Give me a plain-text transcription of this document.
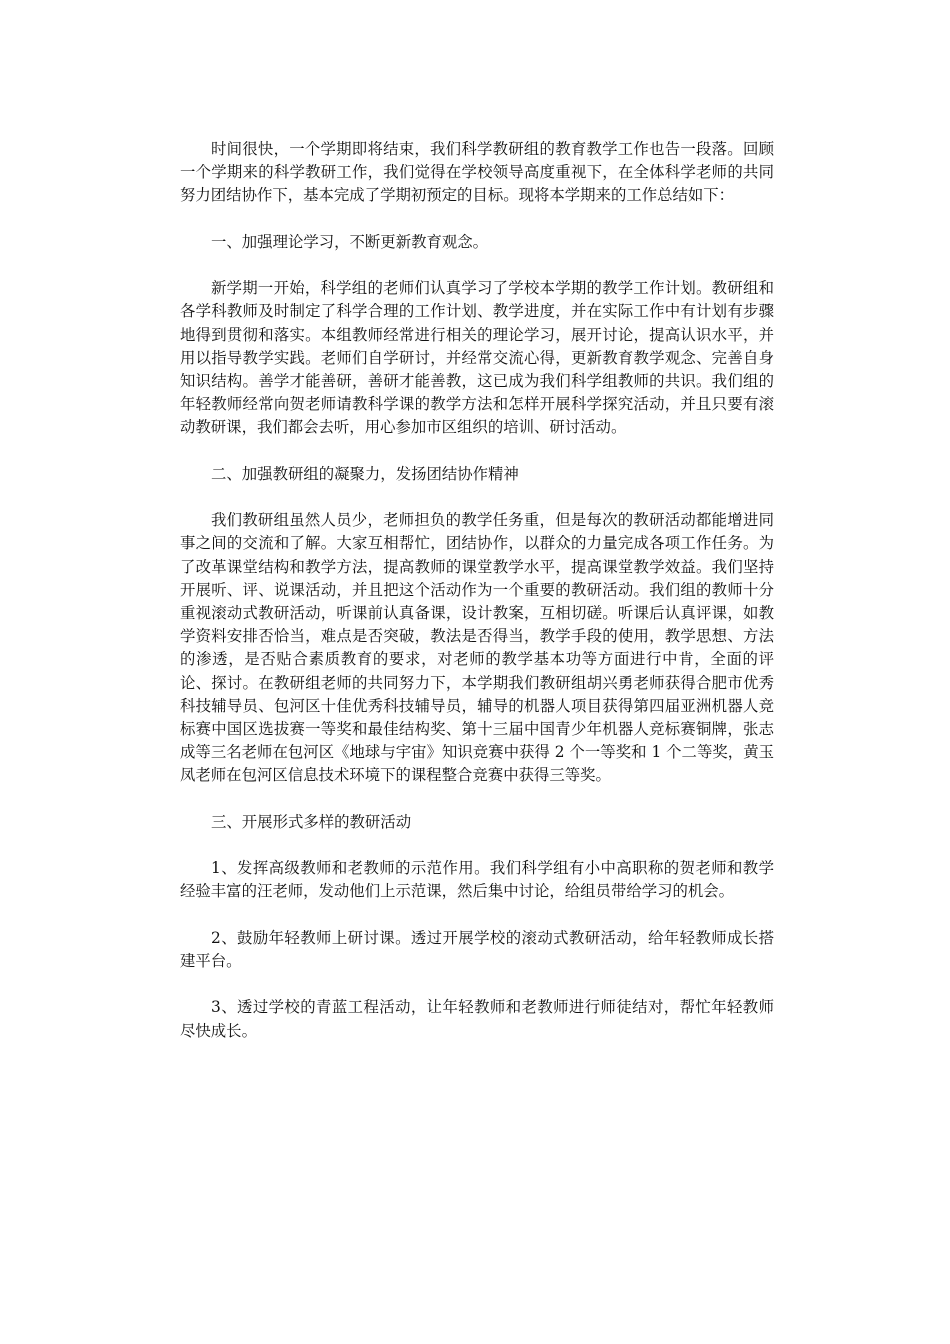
时间很快，一个学期即将结束，我们科学教研组的教育教学工作也告一段落。回顾一个学期来的科学教研工作，我们觉得在学校领导高度重视下，在全体科学老师的共同努力团结协作下，基本完成了学期初预定的目标。现将本学期来的工作总结如下：

一、加强理论学习，不断更新教育观念。

新学期一开始，科学组的老师们认真学习了学校本学期的教学工作计划。教研组和各学科教师及时制定了科学合理的工作计划、教学进度，并在实际工作中有计划有步骤地得到贯彻和落实。本组教师经常进行相关的理论学习，展开讨论，提高认识水平，并用以指导教学实践。老师们自学研讨，并经常交流心得，更新教育教学观念、完善自身知识结构。善学才能善研，善研才能善教，这已成为我们科学组教师的共识。我们组的年轻教师经常向贺老师请教科学课的教学方法和怎样开展科学探究活动，并且只要有滚动教研课，我们都会去听，用心参加市区组织的培训、研讨活动。

二、加强教研组的凝聚力，发扬团结协作精神

我们教研组虽然人员少，老师担负的教学任务重，但是每次的教研活动都能增进同事之间的交流和了解。大家互相帮忙，团结协作，以群众的力量完成各项工作任务。为了改革课堂结构和教学方法，提高教师的课堂教学水平，提高课堂教学效益。我们坚持开展听、评、说课活动，并且把这个活动作为一个重要的教研活动。我们组的教师十分重视滚动式教研活动，听课前认真备课，设计教案，互相切磋。听课后认真评课，如教学资料安排否恰当，难点是否突破，教法是否得当，教学手段的使用，教学思想、方法的渗透，是否贴合素质教育的要求，对老师的教学基本功等方面进行中肯，全面的评论、探讨。在教研组老师的共同努力下，本学期我们教研组胡兴勇老师获得合肥市优秀科技辅导员、包河区十佳优秀科技辅导员，辅导的机器人项目获得第四届亚洲机器人竞标赛中国区选拔赛一等奖和最佳结构奖、第十三届中国青少年机器人竞标赛铜牌，张志成等三名老师在包河区《地球与宇宙》知识竞赛中获得 2 个一等奖和 1 个二等奖，黄玉凤老师在包河区信息技术环境下的课程整合竞赛中获得三等奖。

三、开展形式多样的教研活动

1、发挥高级教师和老教师的示范作用。我们科学组有小中高职称的贺老师和教学经验丰富的汪老师，发动他们上示范课，然后集中讨论，给组员带给学习的机会。

2、鼓励年轻教师上研讨课。透过开展学校的滚动式教研活动，给年轻教师成长搭建平台。

3、透过学校的青蓝工程活动，让年轻教师和老教师进行师徒结对，帮忙年轻教师尽快成长。
